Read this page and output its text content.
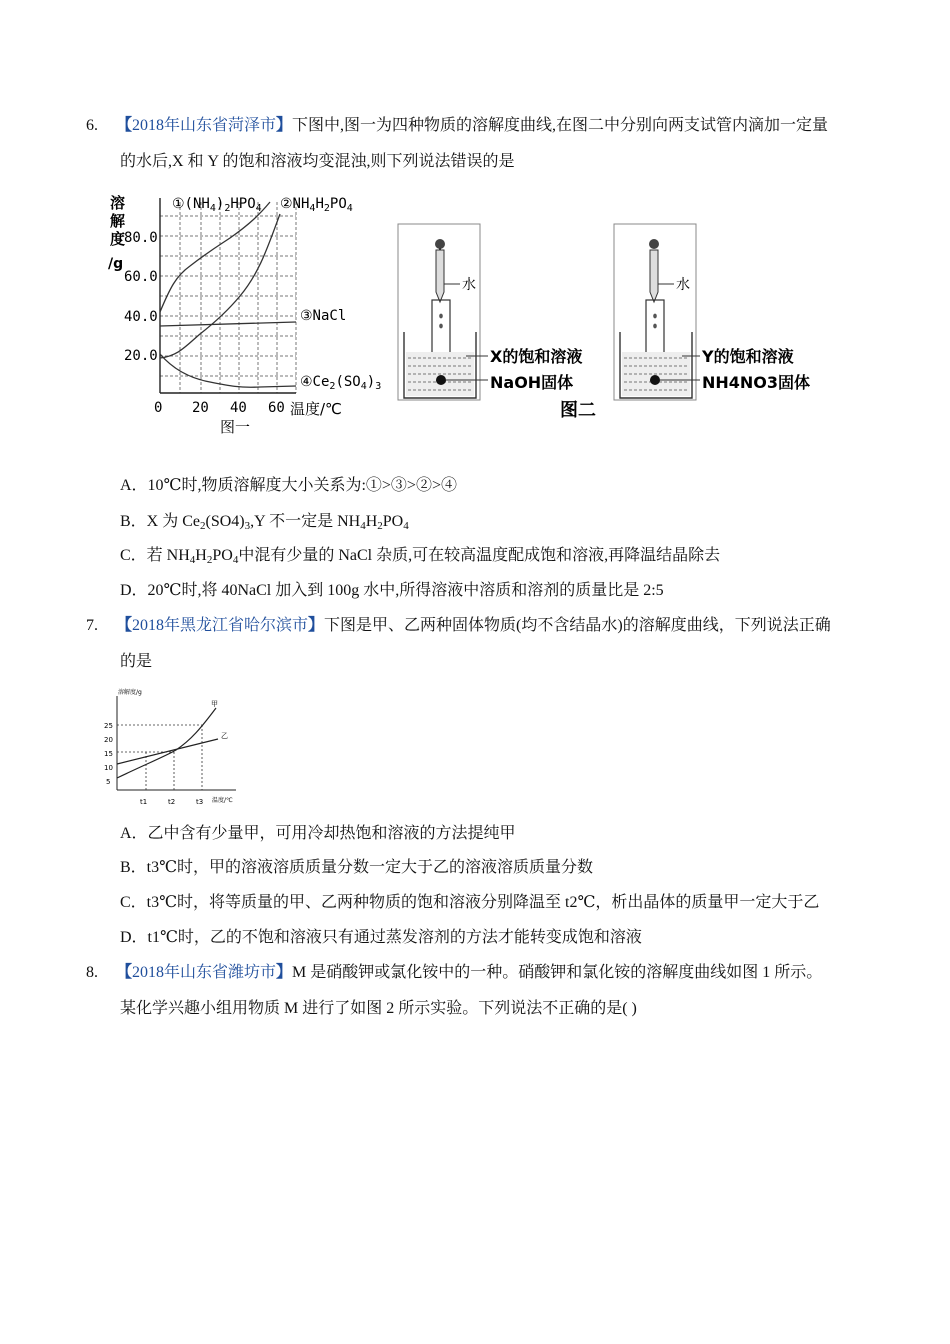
6. 【2018年山东省菏泽市】下图中,图一为四种物质的溶解度曲线,在图二中分别向两支试管内滴加一定量
的水后,X 和 Y 的饱和溶液均变混浊,则下列说法错误的是
溶
解
度
/g
80.0
60.0
40.0
20.0
0 20 40 60 温度/℃
图一
$①(NH_4)_2HPO_4$ $②NH_4H_2PO_4$
③NaCl
$④Ce_2(SO_4)_3$
水
X的饱和溶液
NaOH固体
图二
水
Y的饱和溶液
NH4NO3固体
A．10℃时,物质溶解度大小关系为:①>③>②>④
B．X 为 $Ce_2(SO4)_3,Y$ 不一定是 $NH_4H_2PO_4$
C．若 $NH_4H_2PO_4$中混有少量的 NaCl 杂质,可在较高温度配成饱和溶液,再降温结晶除去
D．20℃时,将 40NaCl 加入到 100g 水中,所得溶液中溶质和溶剂的质量比是 2:5
7. 【2018年黑龙江省哈尔滨市】下图是甲、乙两种固体物质(均不含结晶水)的溶解度曲线，下列说法正确
的是
溶解度/g
25
20
15
10
5
t1	t2	t3 温度/℃
甲
乙
A．乙中含有少量甲，可用冷却热饱和溶液的方法提纯甲
B．t3℃时，甲的溶液溶质质量分数一定大于乙的溶液溶质质量分数
C．t3℃时，将等质量的甲、乙两种物质的饱和溶液分别降温至 t2℃，析出晶体的质量甲一定大于乙
D．t1℃时，乙的不饱和溶液只有通过蒸发溶剂的方法才能转变成饱和溶液
8. 【2018年山东省潍坊市】M 是硝酸钾或氯化铵中的一种。硝酸钾和氯化铵的溶解度曲线如图 1 所示。
某化学兴趣小组用物质 M 进行了如图 2 所示实验。下列说法不正确的是( )
